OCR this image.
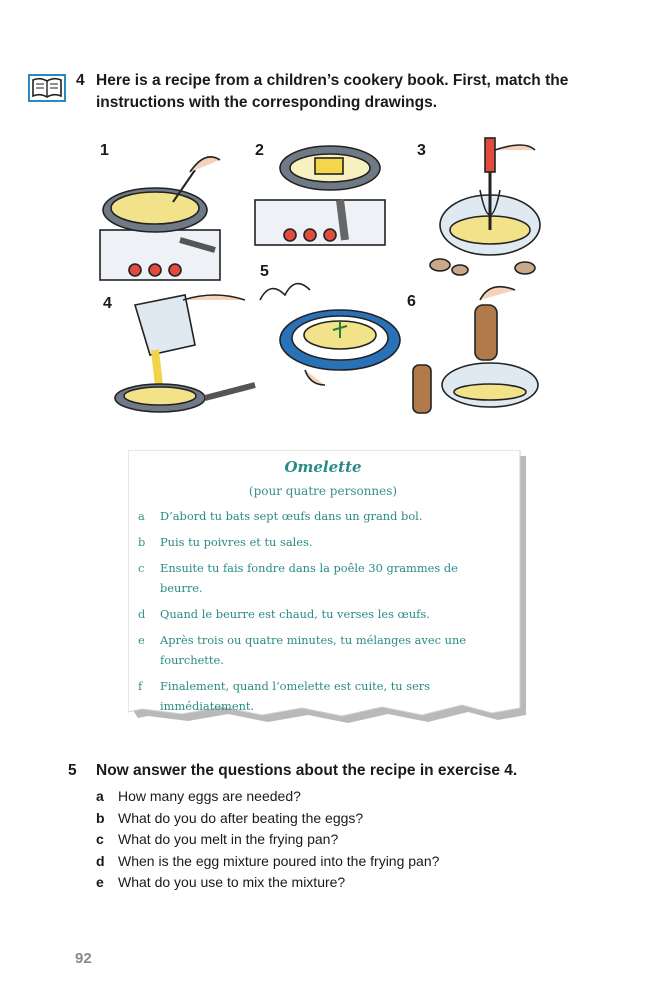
4 Here is a recipe from a children’s cookery book. First, match the instructions with the corresponding drawings.
1	2	3
4
5
6
Omelette
(pour quatre personnes)
a D’abord tu bats sept œufs dans un grand bol.
b Puis tu poivres et tu sales.
c Ensuite tu fais fondre dans la poêle 30 grammes de beurre.
d Quand le beurre est chaud, tu verses les œufs.
e Après trois ou quatre minutes, tu mélanges avec une fourchette.
f Finalement, quand l’omelette est cuite, tu sers immédiatement.
5 Now answer the questions about the recipe in exercise 4.
a How many eggs are needed?
b What do you do after beating the eggs?
c What do you melt in the frying pan?
d When is the egg mixture poured into the frying pan?
e What do you use to mix the mixture?
92
